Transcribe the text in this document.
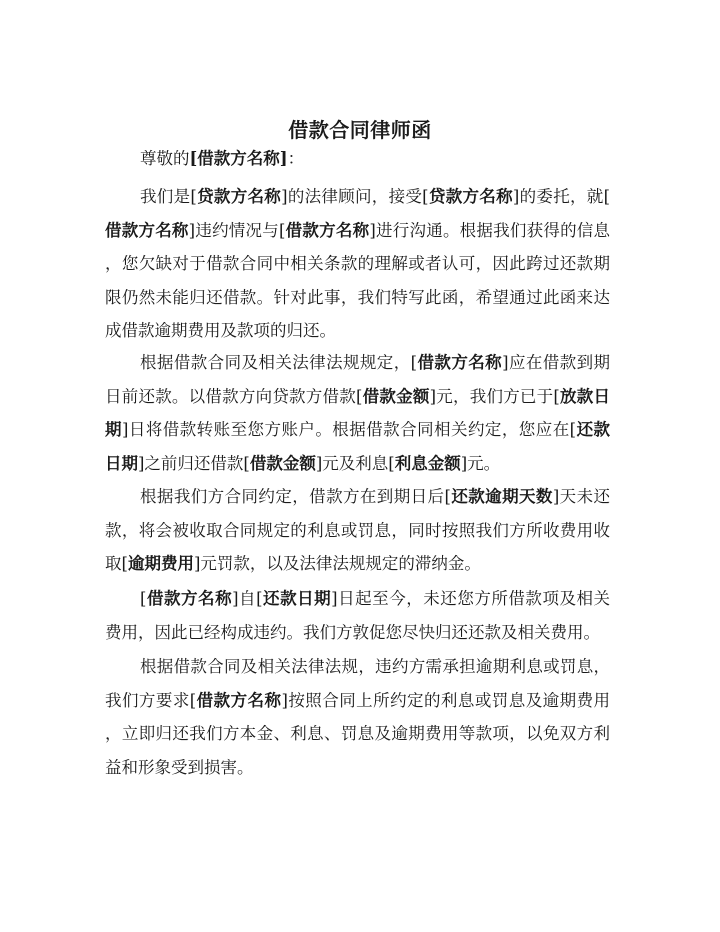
借款合同律师函
尊敬的[借款方名称]：
我们是[贷款方名称]的法律顾问，接受[贷款方名称]的委托，就[
借款方名称]违约情况与[借款方名称]进行沟通。根据我们获得的信息
，您欠缺对于借款合同中相关条款的理解或者认可，因此跨过还款期
限仍然未能归还借款。针对此事，我们特写此函，希望通过此函来达
成借款逾期费用及款项的归还。
根据借款合同及相关法律法规规定，[借款方名称]应在借款到期
日前还款。以借款方向贷款方借款[借款金额]元，我们方已于[放款日
期]日将借款转账至您方账户。根据借款合同相关约定，您应在[还款
日期]之前归还借款[借款金额]元及利息[利息金额]元。
根据我们方合同约定，借款方在到期日后[还款逾期天数]天未还
款，将会被收取合同规定的利息或罚息，同时按照我们方所收费用收
取[逾期费用]元罚款，以及法律法规规定的滞纳金。
[借款方名称]自[还款日期]日起至今，未还您方所借款项及相关
费用，因此已经构成违约。我们方敦促您尽快归还还款及相关费用。
根据借款合同及相关法律法规，违约方需承担逾期利息或罚息，
我们方要求[借款方名称]按照合同上所约定的利息或罚息及逾期费用
，立即归还我们方本金、利息、罚息及逾期费用等款项，以免双方利
益和形象受到损害。
